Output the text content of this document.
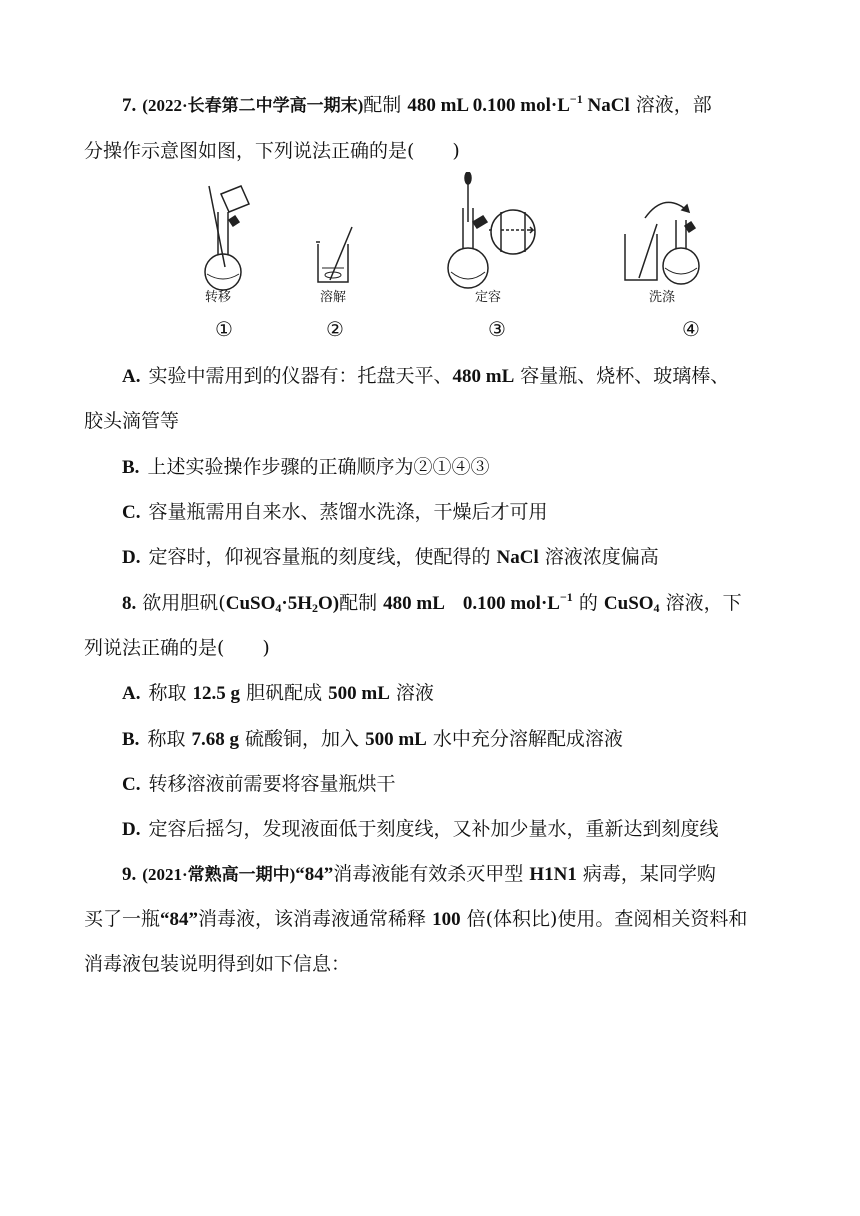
7. (2022·长春第二中学高一期末)配制 480 mL 0.100 $mol\cdot L^{-1}$ NaCl 溶液，部
分操作示意图如图，下列说法正确的是(　　)
转移	溶解	定容	洗涤
①	②	③	④
A. 实验中需用到的仪器有：托盘天平、480 mL 容量瓶、烧杯、玻璃棒、
胶头滴管等
B. 上述实验操作步骤的正确顺序为②①④③
C. 容量瓶需用自来水、蒸馏水洗涤，干燥后才可用
D. 定容时，仰视容量瓶的刻度线，使配得的 NaCl 溶液浓度偏高
8. 欲用胆矾$(CuSO_4\cdot 5H_2O)$配制 480 mL　0.100 $mol\cdot L^{-1}$ 的 CuSO$_4$ 溶液，下
列说法正确的是(　　)
A. 称取 12.5 g 胆矾配成 500 mL 溶液
B. 称取 7.68 g 硫酸铜，加入 500 mL 水中充分溶解配成溶液
C. 转移溶液前需要将容量瓶烘干
D. 定容后摇匀，发现液面低于刻度线，又补加少量水，重新达到刻度线
9. (2021·常熟高一期中)“84”消毒液能有效杀灭甲型 H1N1 病毒，某同学购
买了一瓶“84”消毒液，该消毒液通常稀释 100 倍(体积比)使用。查阅相关资料和
消毒液包装说明得到如下信息：
